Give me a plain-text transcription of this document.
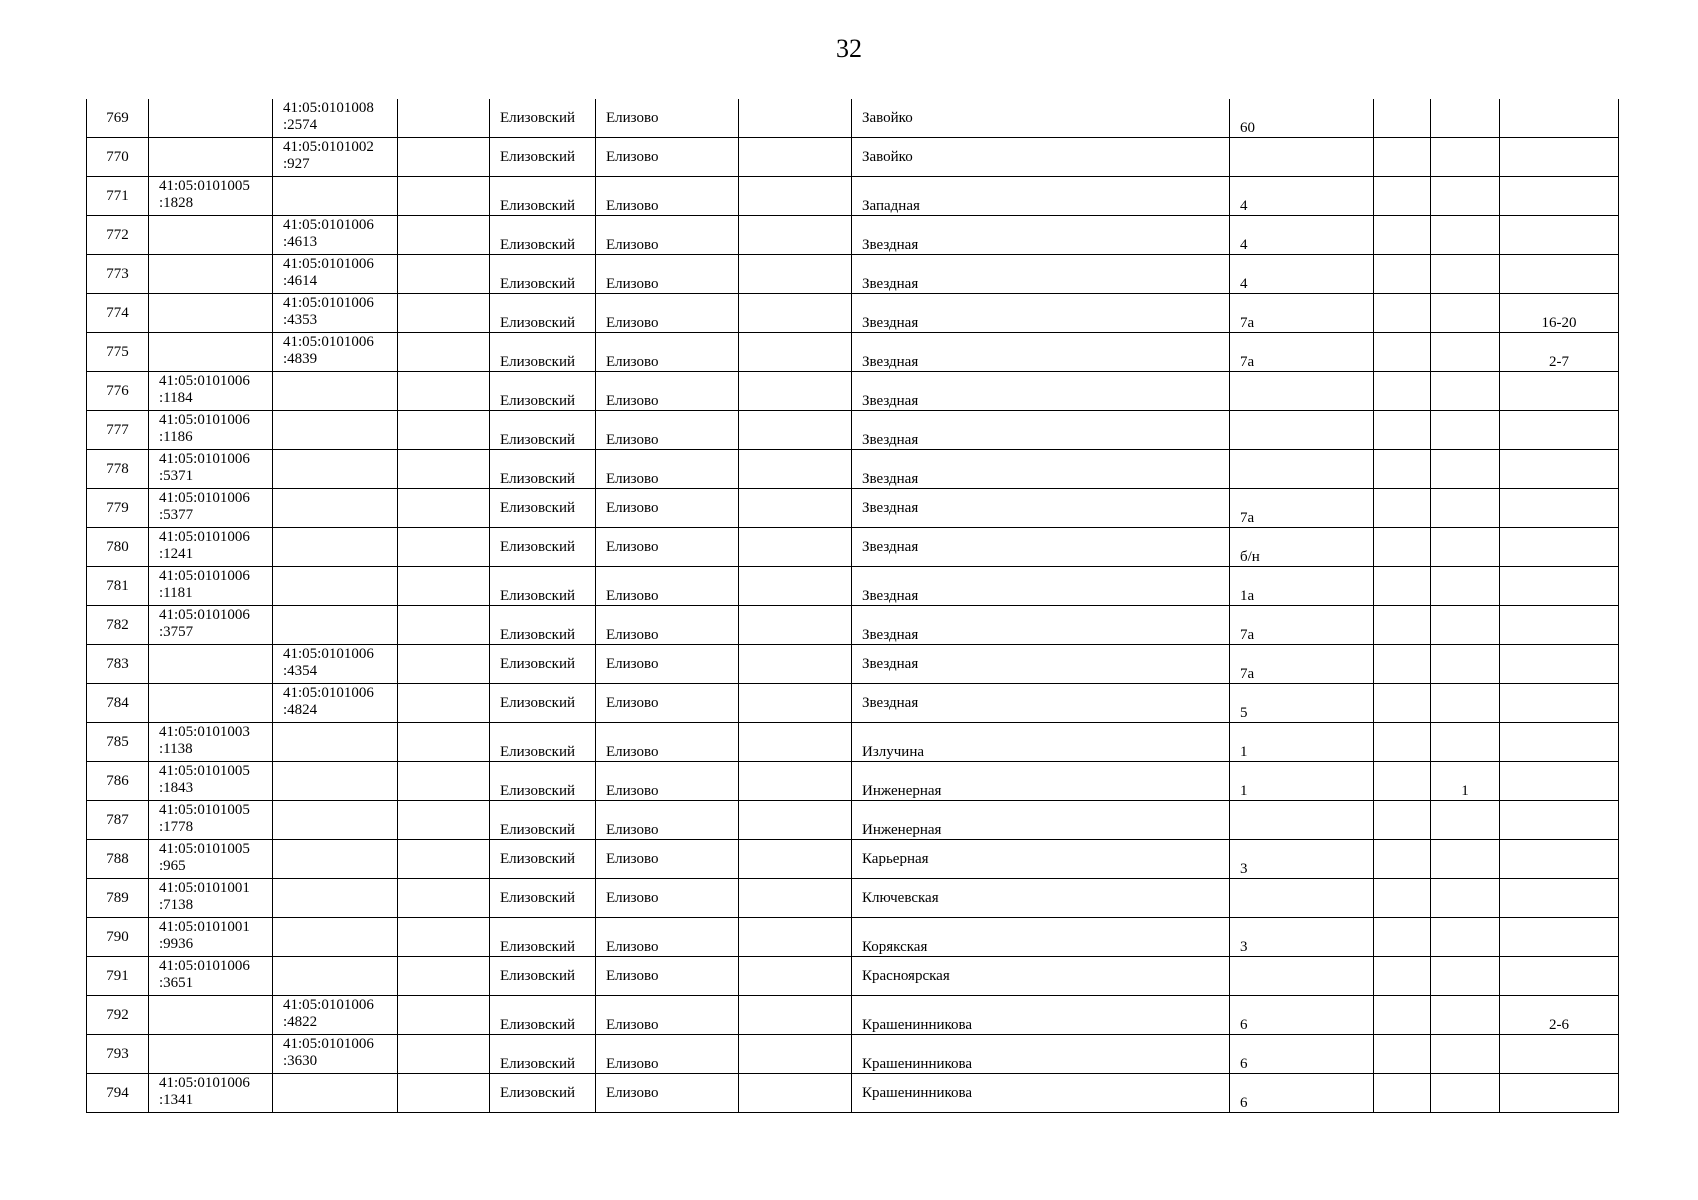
32
769		41:05:0101008
:2574		Елизовский	Елизово		Завойко	60			
770		41:05:0101002
:927		Елизовский	Елизово		Завойко				
771	41:05:0101005
:1828			Елизовский	Елизово		Западная	4			
772		41:05:0101006
:4613		Елизовский	Елизово		Звездная	4			
773		41:05:0101006
:4614		Елизовский	Елизово		Звездная	4			
774		41:05:0101006
:4353		Елизовский	Елизово		Звездная	7а			16-20
775		41:05:0101006
:4839		Елизовский	Елизово		Звездная	7а			2-7
776	41:05:0101006
:1184			Елизовский	Елизово		Звездная				
777	41:05:0101006
:1186			Елизовский	Елизово		Звездная				
778	41:05:0101006
:5371			Елизовский	Елизово		Звездная				
779	41:05:0101006
:5377			Елизовский	Елизово		Звездная	7а			
780	41:05:0101006
:1241			Елизовский	Елизово		Звездная	б/н			
781	41:05:0101006
:1181			Елизовский	Елизово		Звездная	1а			
782	41:05:0101006
:3757			Елизовский	Елизово		Звездная	7а			
783		41:05:0101006
:4354		Елизовский	Елизово		Звездная	7а			
784		41:05:0101006
:4824		Елизовский	Елизово		Звездная	5			
785	41:05:0101003
:1138			Елизовский	Елизово		Излучина	1			
786	41:05:0101005
:1843			Елизовский	Елизово		Инженерная	1		1	
787	41:05:0101005
:1778			Елизовский	Елизово		Инженерная				
788	41:05:0101005
:965			Елизовский	Елизово		Карьерная	3			
789	41:05:0101001
:7138			Елизовский	Елизово		Ключевская				
790	41:05:0101001
:9936			Елизовский	Елизово		Корякская	3			
791	41:05:0101006
:3651			Елизовский	Елизово		Красноярская				
792		41:05:0101006
:4822		Елизовский	Елизово		Крашенинникова	6			2-6
793		41:05:0101006
:3630		Елизовский	Елизово		Крашенинникова	6			
794	41:05:0101006
:1341			Елизовский	Елизово		Крашенинникова	6			
